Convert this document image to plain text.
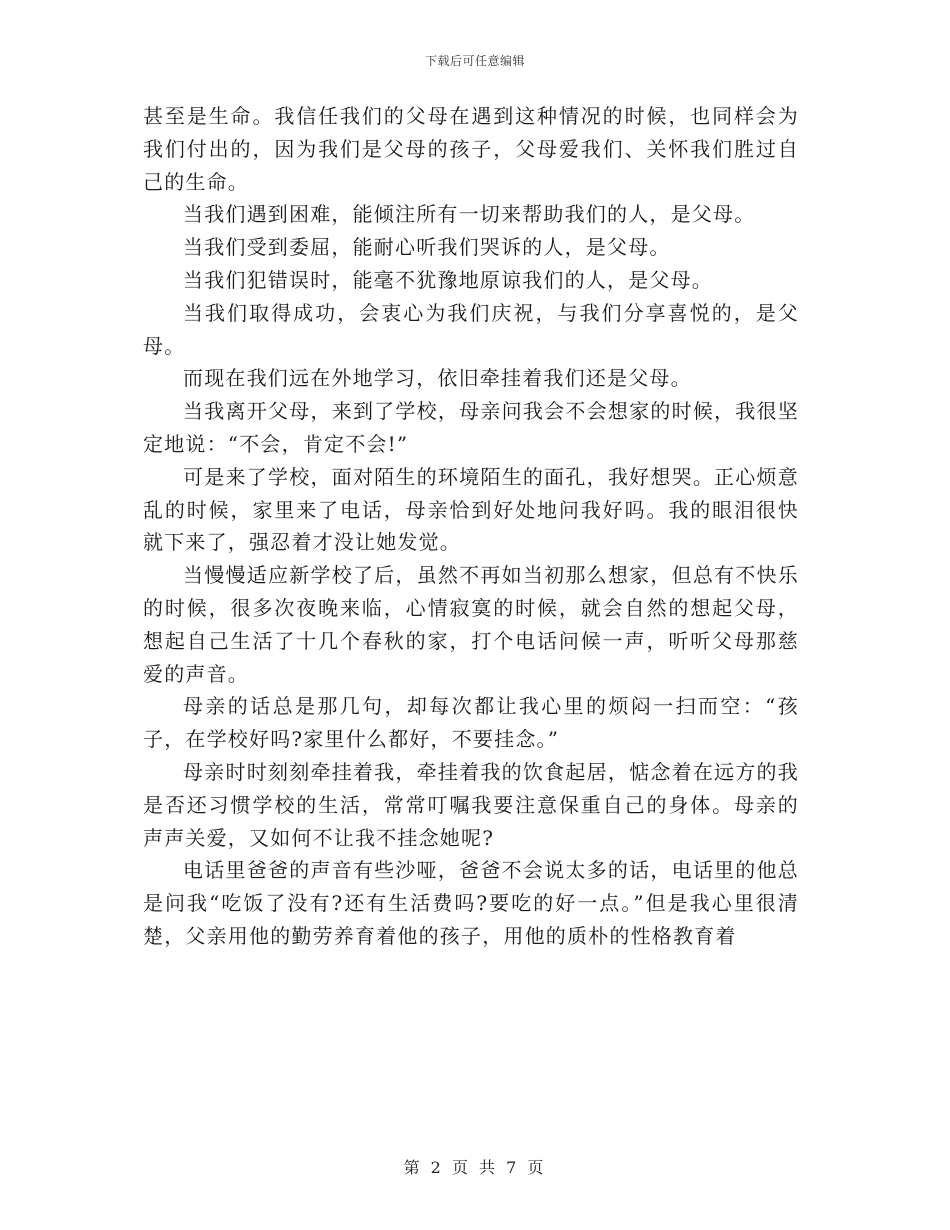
下载后可任意编辑

甚至是生命。我信任我们的父母在遇到这种情况的时候，也同样会为我们付出的，因为我们是父母的孩子，父母爱我们、关怀我们胜过自己的生命。

当我们遇到困难，能倾注所有一切来帮助我们的人，是父母。

当我们受到委屈，能耐心听我们哭诉的人，是父母。

当我们犯错误时，能毫不犹豫地原谅我们的人，是父母。

当我们取得成功，会衷心为我们庆祝，与我们分享喜悦的，是父母。

而现在我们远在外地学习，依旧牵挂着我们还是父母。

当我离开父母，来到了学校，母亲问我会不会想家的时候，我很坚定地说：“不会，肯定不会!”

可是来了学校，面对陌生的环境陌生的面孔，我好想哭。正心烦意乱的时候，家里来了电话，母亲恰到好处地问我好吗。我的眼泪很快就下来了，强忍着才没让她发觉。

当慢慢适应新学校了后，虽然不再如当初那么想家，但总有不快乐的时候，很多次夜晚来临，心情寂寞的时候，就会自然的想起父母，想起自己生活了十几个春秋的家，打个电话问候一声，听听父母那慈爱的声音。

母亲的话总是那几句，却每次都让我心里的烦闷一扫而空：“孩子，在学校好吗?家里什么都好，不要挂念。”

母亲时时刻刻牵挂着我，牵挂着我的饮食起居，惦念着在远方的我是否还习惯学校的生活，常常叮嘱我要注意保重自己的身体。母亲的声声关爱，又如何不让我不挂念她呢?

电话里爸爸的声音有些沙哑，爸爸不会说太多的话，电话里的他总是问我“吃饭了没有?还有生活费吗?要吃的好一点。”但是我心里很清楚，父亲用他的勤劳养育着他的孩子，用他的质朴的性格教育着

第 2 页 共 7 页
